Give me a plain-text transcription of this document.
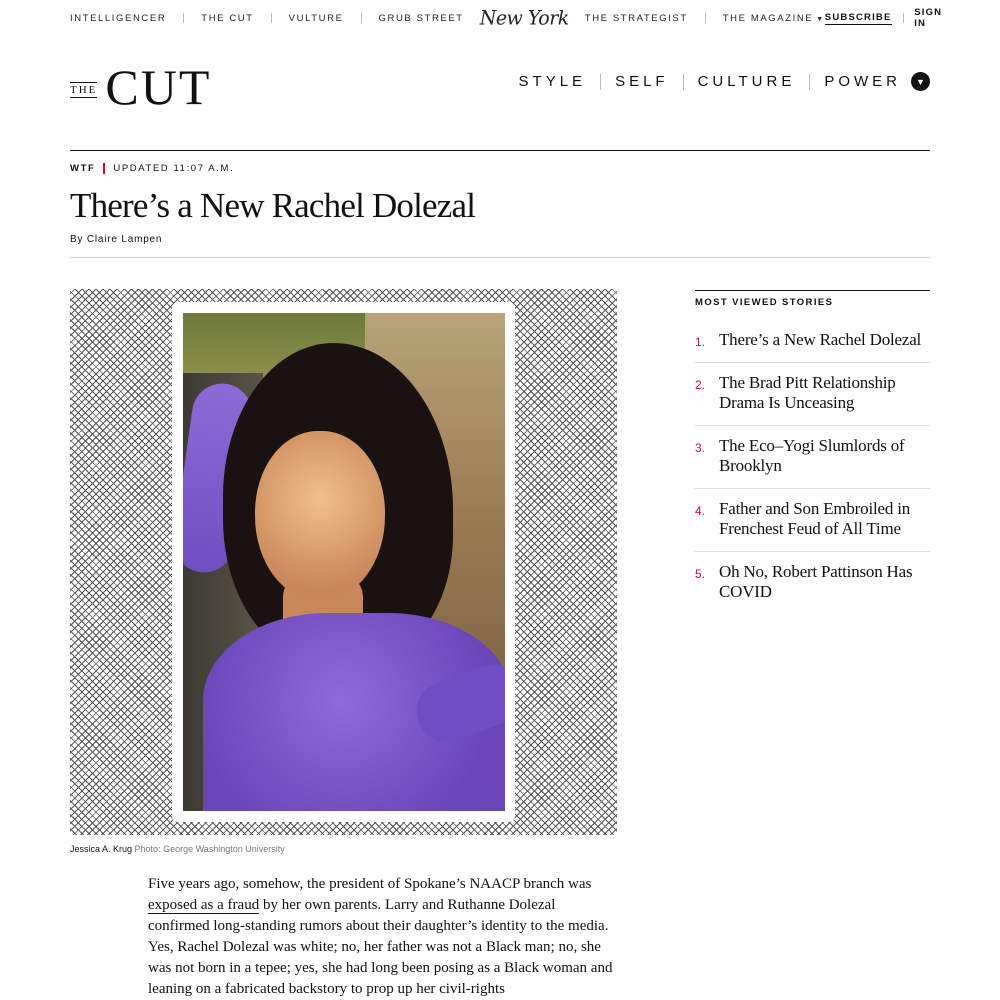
INTELLIGENCER	THE CUT	VULTURE	GRUB STREET New York THE STRATEGIST	THE MAGAZINE ▼ SUBSCRIBE SIGN IN
THE CUT	STYLE SELF CULTURE POWER ▼
WTF UPDATED 11:07 A.M.
There’s a New Rachel Dolezal
By Claire Lampen
Jessica A. Krug Photo: George Washington University
Five years ago, somehow, the president of Spokane’s NAACP branch was exposed as a fraud by her own parents. Larry and Ruthanne Dolezal confirmed long-standing rumors about their daughter’s identity to the media. Yes, Rachel Dolezal was white; no, her father was not a Black man; no, she was not born in a tepee; yes, she had long been posing as a Black woman and leaning on a fabricated backstory to prop up her civil-rights
MOST VIEWED STORIES
1. There’s a New Rachel Dolezal
2. The Brad Pitt Relationship Drama Is Unceasing
3. The Eco–Yogi Slumlords of Brooklyn
4. Father and Son Embroiled in Frenchest Feud of All Time
5. Oh No, Robert Pattinson Has COVID
